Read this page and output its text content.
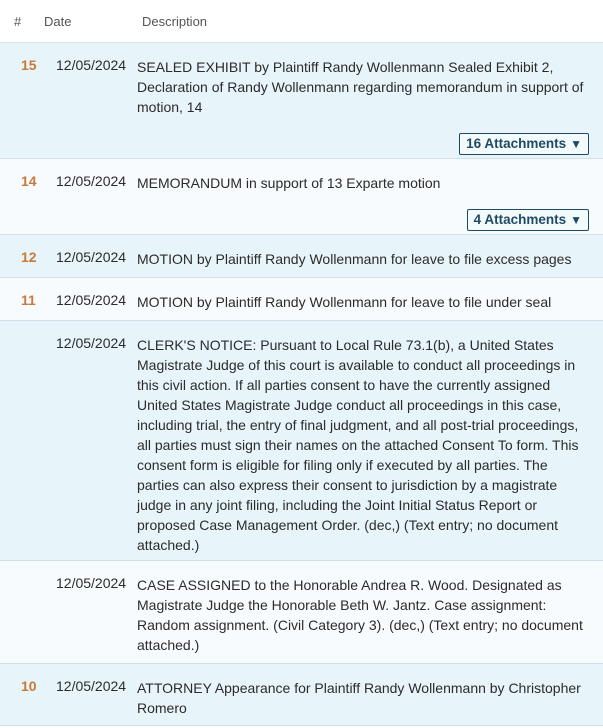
#	Date	Description
15	12/05/2024 SEALED EXHIBIT by Plaintiff Randy Wollenmann Sealed Exhibit 2, Declaration of Randy Wollenmann regarding memorandum in support of motion, 14
16 Attachments ▼
14	12/05/2024 MEMORANDUM in support of 13 Exparte motion
4 Attachments ▼
12	12/05/2024 MOTION by Plaintiff Randy Wollenmann for leave to file excess pages
11	12/05/2024 MOTION by Plaintiff Randy Wollenmann for leave to file under seal
12/05/2024 CLERK'S NOTICE: Pursuant to Local Rule 73.1(b), a United States Magistrate Judge of this court is available to conduct all proceedings in this civil action. If all parties consent to have the currently assigned United States Magistrate Judge conduct all proceedings in this case, including trial, the entry of final judgment, and all post-trial proceedings, all parties must sign their names on the attached Consent To form. This consent form is eligible for filing only if executed by all parties. The parties can also express their consent to jurisdiction by a magistrate judge in any joint filing, including the Joint Initial Status Report or proposed Case Management Order. (dec,) (Text entry; no document attached.)
12/05/2024 CASE ASSIGNED to the Honorable Andrea R. Wood. Designated as Magistrate Judge the Honorable Beth W. Jantz. Case assignment: Random assignment. (Civil Category 3). (dec,) (Text entry; no document attached.)
10	12/05/2024 ATTORNEY Appearance for Plaintiff Randy Wollenmann by Christopher Romero
